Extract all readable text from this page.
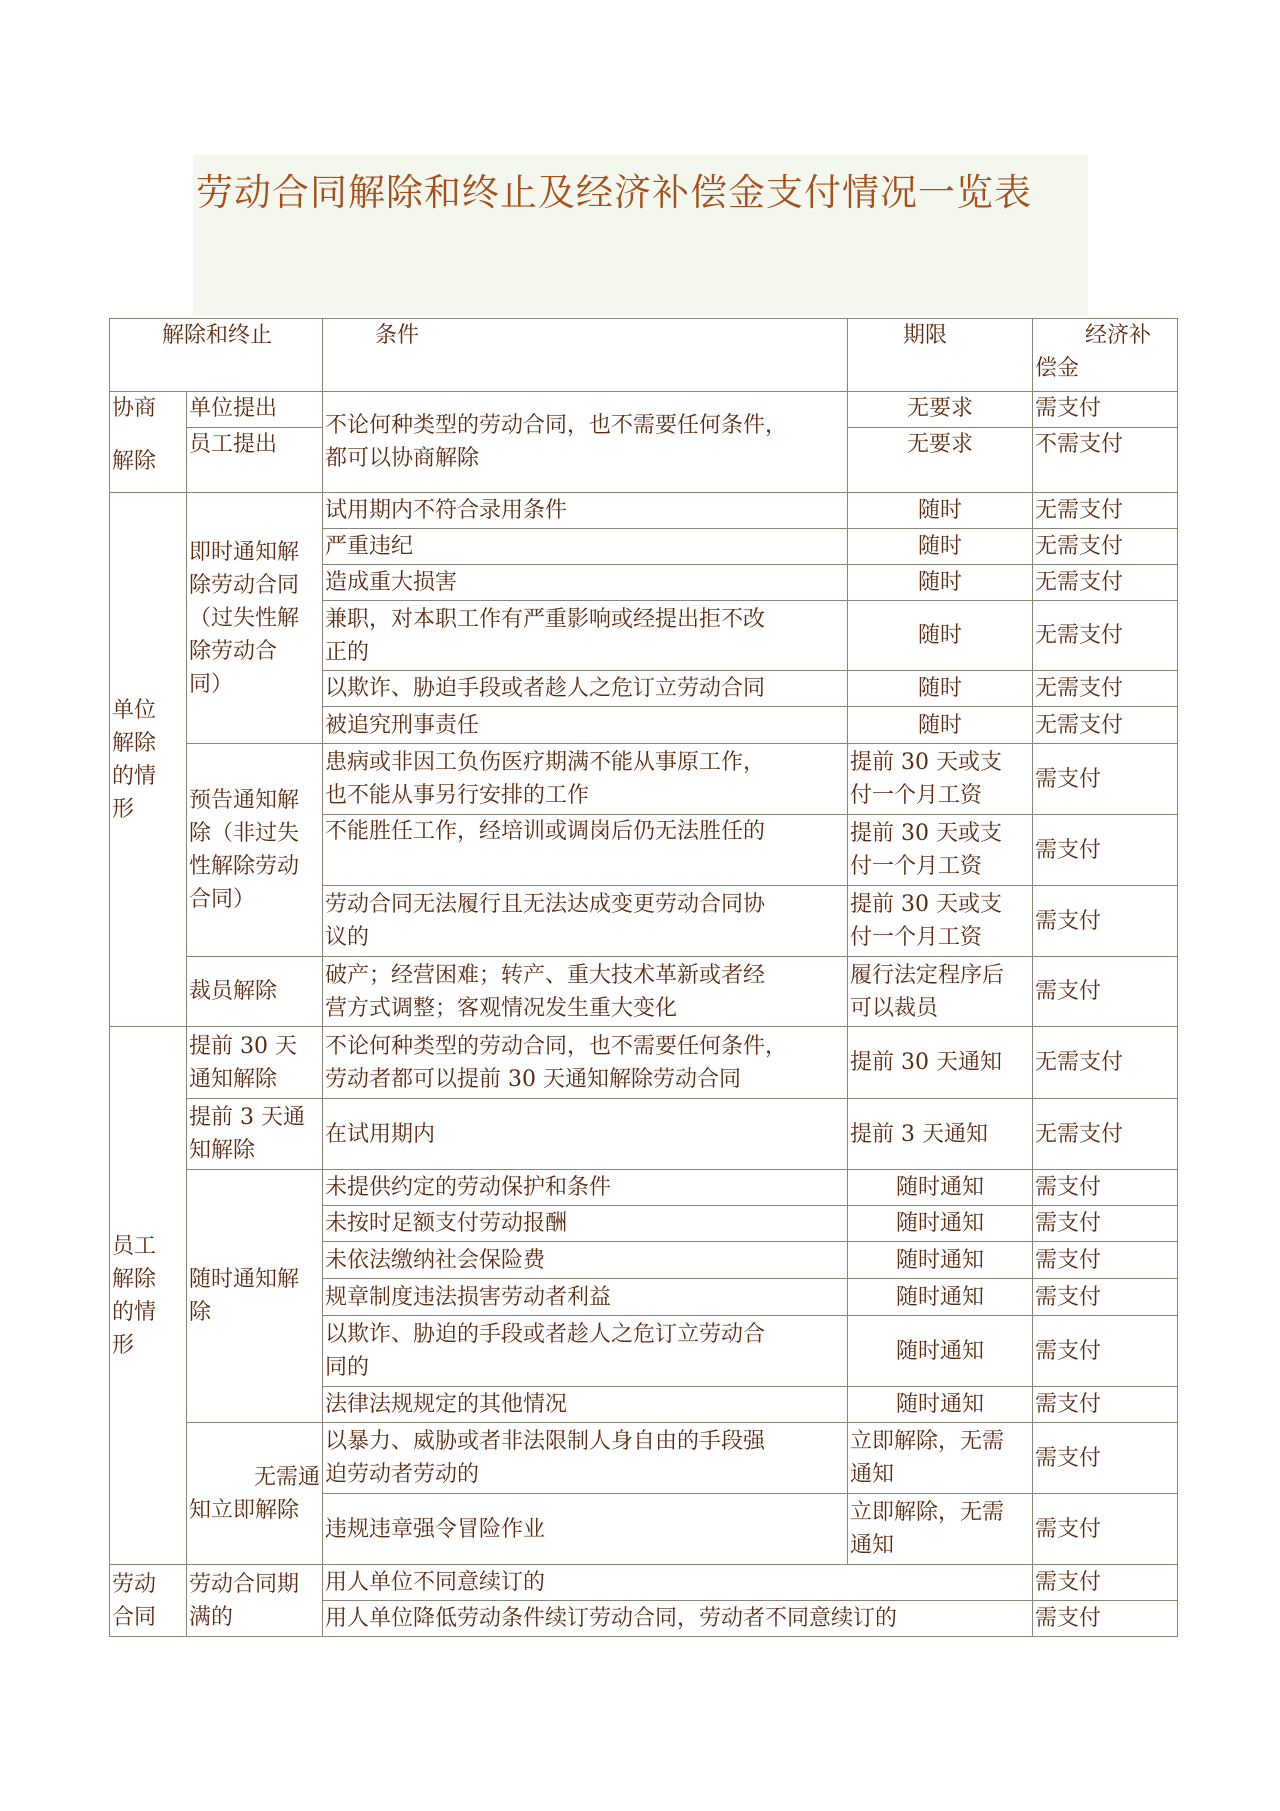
劳动合同解除和终止及经济补偿金支付情况一览表
解除和终止		条件	期限	经济补
偿金

协商
解除	单位提出	不论何种类型的劳动合同，也不需要任何条件，
都可以协商解除	无要求	需支付
	员工提出		无要求	不需支付

单位
解除
的情
形	即时通知解
除劳动合同
（过失性解
除劳动合
同）	试用期内不符合录用条件	随时	无需支付
		严重违纪	随时	无需支付
		造成重大损害	随时	无需支付

		兼职，对本职工作有严重影响或经提出拒不改
正的	随时	无需支付
		以欺诈、胁迫手段或者趁人之危订立劳动合同	随时	无需支付
		被追究刑事责任	随时	无需支付

	预告通知解
除（非过失
性解除劳动
合同）	患病或非因工负伤医疗期满不能从事原工作，
也不能从事另行安排的工作	提前 30 天或支
付一个月工资	需支付
		不能胜任工作，经培训或调岗后仍无法胜任的	提前 30 天或支
付一个月工资	需支付

		劳动合同无法履行且无法达成变更劳动合同协
议的	提前 30 天或支
付一个月工资	需支付
	裁员解除	破产；经营困难；转产、重大技术革新或者经
营方式调整；客观情况发生重大变化	履行法定程序后
可以裁员	需支付

员工
解除
的情
形	提前 30 天
通知解除	不论何种类型的劳动合同，也不需要任何条件，
劳动者都可以提前 30 天通知解除劳动合同	提前 30 天通知	无需支付

	提前 3 天通
知解除	在试用期内	提前 3 天通知	无需支付

	随时通知解
除	未提供约定的劳动保护和条件	随时通知	需支付
		未按时足额支付劳动报酬	随时通知	需支付
		未依法缴纳社会保险费	随时通知	需支付
		规章制度违法损害劳动者利益	随时通知	需支付

		以欺诈、胁迫的手段或者趁人之危订立劳动合
同的	随时通知	需支付
		法律法规规定的其他情况	随时通知	需支付

	无需通
知立即解除	以暴力、威胁或者非法限制人身自由的手段强
迫劳动者劳动的	立即解除，无需
通知	需支付
		违规违章强令冒险作业	立即解除，无需
通知	需支付

劳动
合同	劳动合同期
满的	用人单位不同意续订的		需支付
		用人单位降低劳动条件续订劳动合同，劳动者不同意续订的		需支付
